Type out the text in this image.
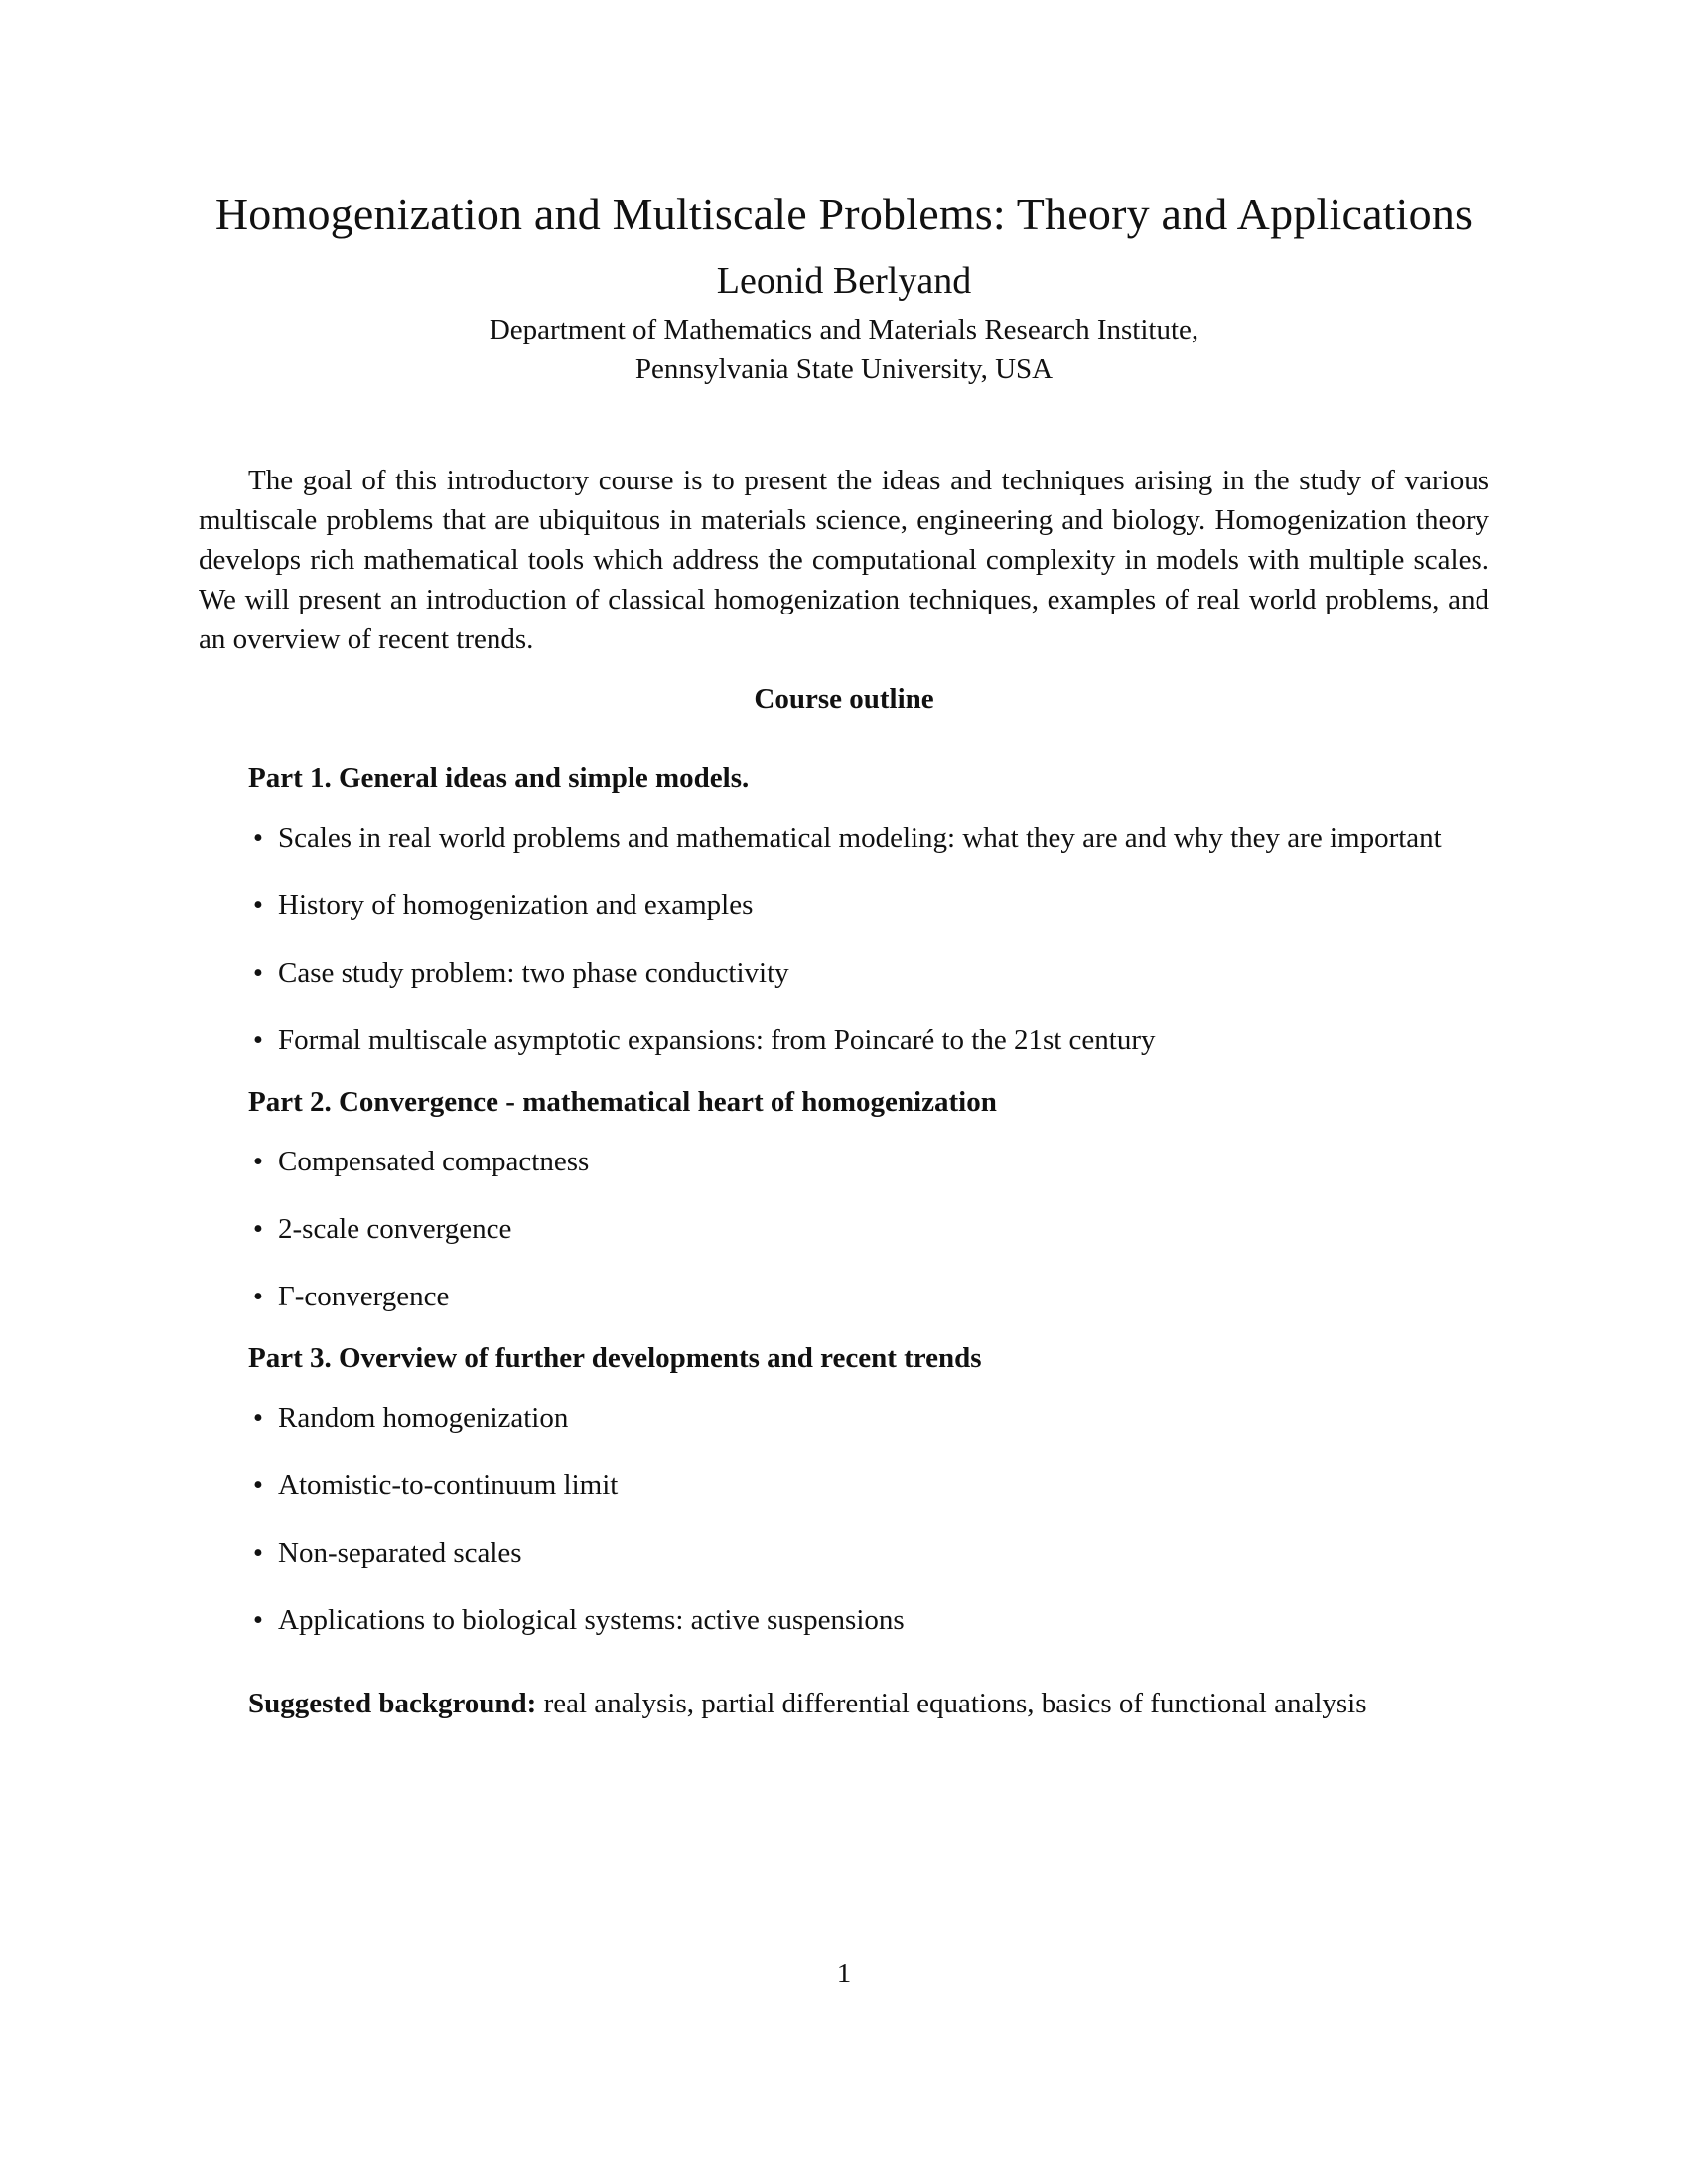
Homogenization and Multiscale Problems: Theory and Applications
Leonid Berlyand
Department of Mathematics and Materials Research Institute,
Pennsylvania State University, USA

The goal of this introductory course is to present the ideas and techniques arising in the study of various multiscale problems that are ubiquitous in materials science, engineering and biology. Homogenization theory develops rich mathematical tools which address the computational complexity in models with multiple scales. We will present an introduction of classical homogenization techniques, examples of real world problems, and an overview of recent trends.

Course outline
Part 1. General ideas and simple models.
• Scales in real world problems and mathematical modeling: what they are and why they are important
• History of homogenization and examples
• Case study problem: two phase conductivity
• Formal multiscale asymptotic expansions: from Poincaré to the 21st century
Part 2. Convergence - mathematical heart of homogenization
• Compensated compactness
• 2-scale convergence
• Γ-convergence
Part 3. Overview of further developments and recent trends
• Random homogenization
• Atomistic-to-continuum limit
• Non-separated scales
• Applications to biological systems: active suspensions

Suggested background: real analysis, partial differential equations, basics of functional analysis

1
